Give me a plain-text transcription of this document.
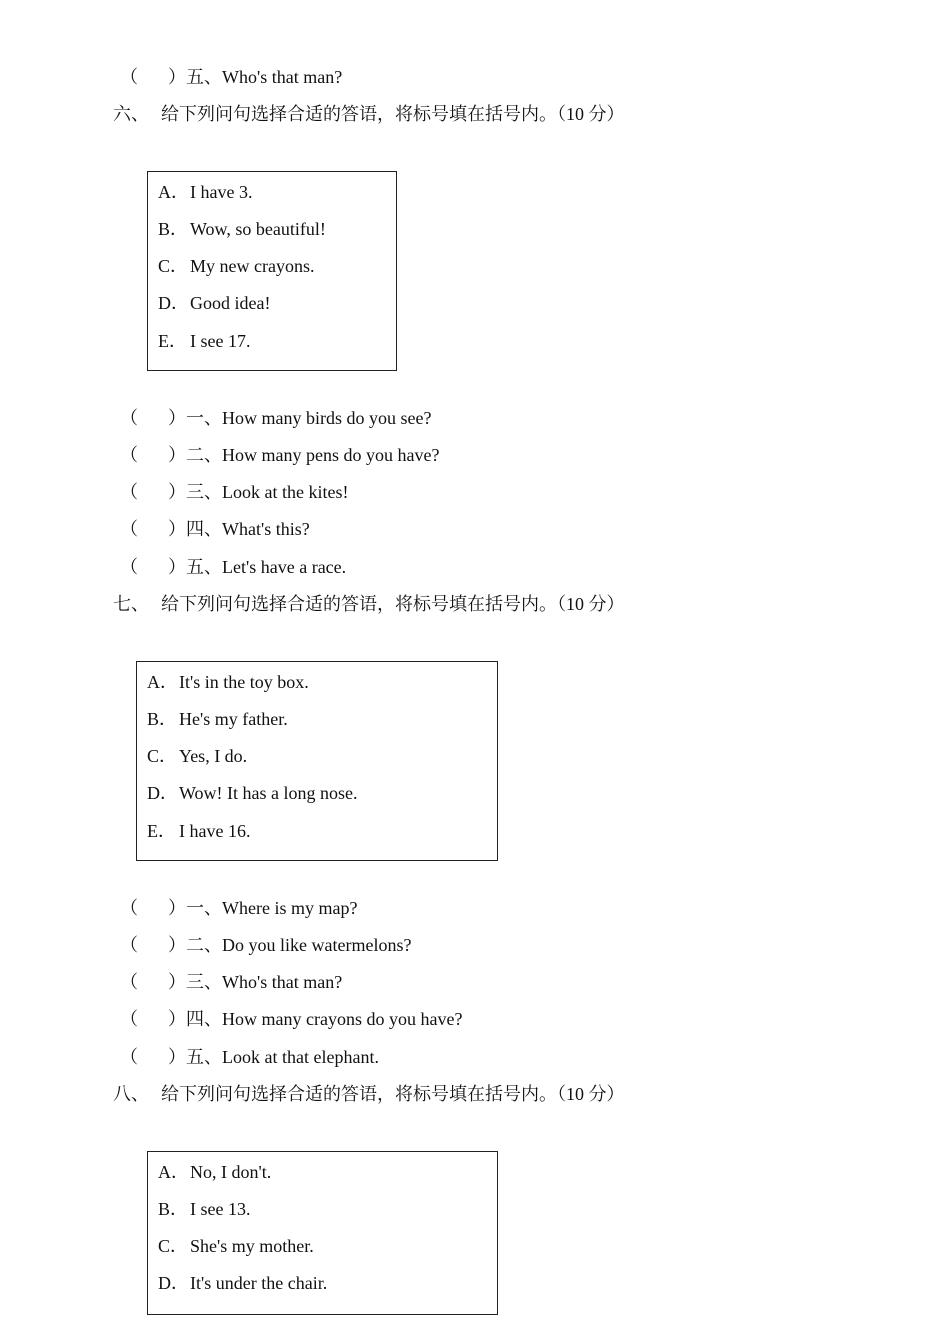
（ ） 五、Who's that man?
六、 给下列问句选择合适的答语，将标号填在括号内。（10 分）
A．I have 3.
B． Wow, so beautiful!
C． My new crayons.
D．Good idea!
E． I see 17.
（ ） 一、How many birds do you see?
（ ） 二、How many pens do you have?
（ ） 三、Look at the kites!
（ ） 四、What's this?
（ ） 五、Let's have a race.
七、 给下列问句选择合适的答语，将标号填在括号内。（10 分）
A．It's in the toy box.
B． He's my father.
C． Yes, I do.
D．Wow! It has a long nose.
E． I have 16.
（ ） 一、Where is my map?
（ ） 二、Do you like watermelons?
（ ） 三、Who's that man?
（ ） 四、How many crayons do you have?
（ ） 五、Look at that elephant.
八、 给下列问句选择合适的答语，将标号填在括号内。（10 分）
A．No, I don't.
B． I see 13.
C． She's my mother.
D．It's under the chair.
